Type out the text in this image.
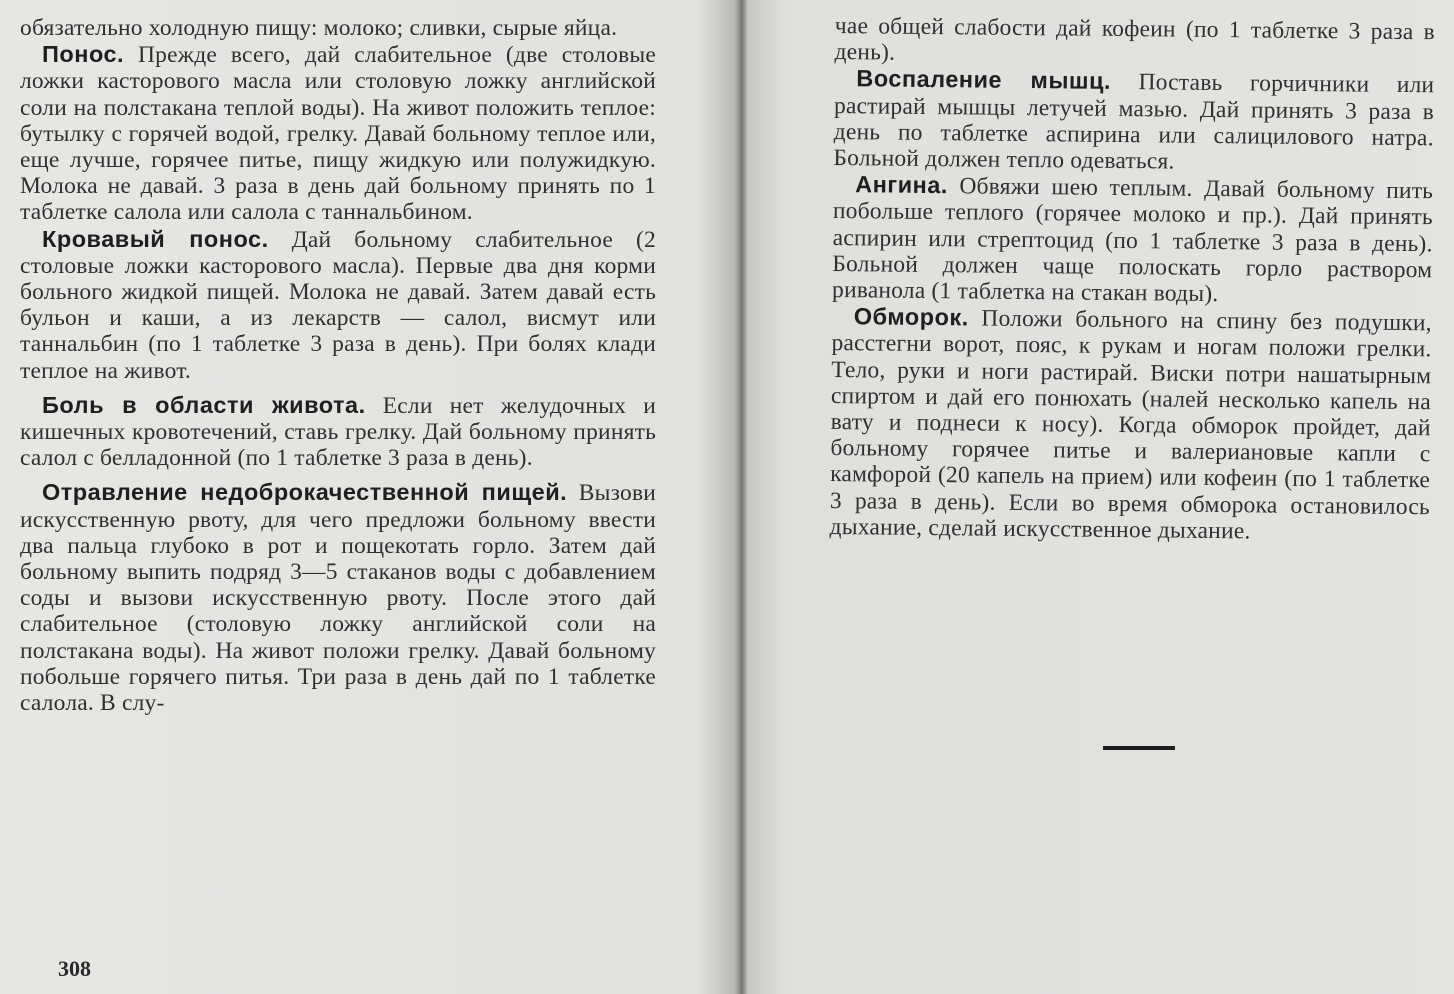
обязательно холодную пищу: молоко; сливки, сырые яйца.

Понос. Прежде всего, дай слабительное (две столовые ложки касторового масла или столовую ложку английской соли на полстакана теплой воды). На живот положить теплое: бутылку с горячей водой, грелку. Давай больному теплое или, еще лучше, горячее питье, пищу жидкую или полужидкую. Молока не давай. 3 раза в день дай больному принять по 1 таблетке салола или салола с таннальбином.

Кровавый понос. Дай больному слабительное (2 столовые ложки касторового масла). Первые два дня корми больного жидкой пищей. Молока не давай. Затем давай есть бульон и каши, а из лекарств — салол, висмут или таннальбин (по 1 таблетке 3 раза в день). При болях клади теплое на живот.

Боль в области живота. Если нет желудочных и кишечных кровотечений, ставь грелку. Дай больному принять салол с белладонной (по 1 таблетке 3 раза в день).

Отравление недоброкачественной пищей. Вызови искусственную рвоту, для чего предложи больному ввести два пальца глубоко в рот и пощекотать горло. Затем дай больному выпить подряд 3—5 стаканов воды с добавлением соды и вызови искусственную рвоту. После этого дай слабительное (столовую ложку английской соли на полстакана воды). На живот положи грелку. Давай больному побольше горячего питья. Три раза в день дай по 1 таблетке салола. В слу-

308

чае общей слабости дай кофеин (по 1 таблетке 3 раза в день).

Воспаление мышц. Поставь горчичники или растирай мышцы летучей мазью. Дай принять 3 раза в день по таблетке аспирина или салицилового натра. Больной должен тепло одеваться.

Ангина. Обвяжи шею теплым. Давай больному пить побольше теплого (горячее молоко и пр.). Дай принять аспирин или стрептоцид (по 1 таблетке 3 раза в день). Больной должен чаще полоскать горло раствором риванола (1 таблетка на стакан воды).

Обморок. Положи больного на спину без подушки, расстегни ворот, пояс, к рукам и ногам положи грелки. Тело, руки и ноги растирай. Виски потри нашатырным спиртом и дай его понюхать (налей несколько капель на вату и поднеси к носу). Когда обморок пройдет, дай больному горячее питье и валериановые капли с камфорой (20 капель на прием) или кофеин (по 1 таблетке 3 раза в день). Если во время обморока остановилось дыхание, сделай искусственное дыхание.
